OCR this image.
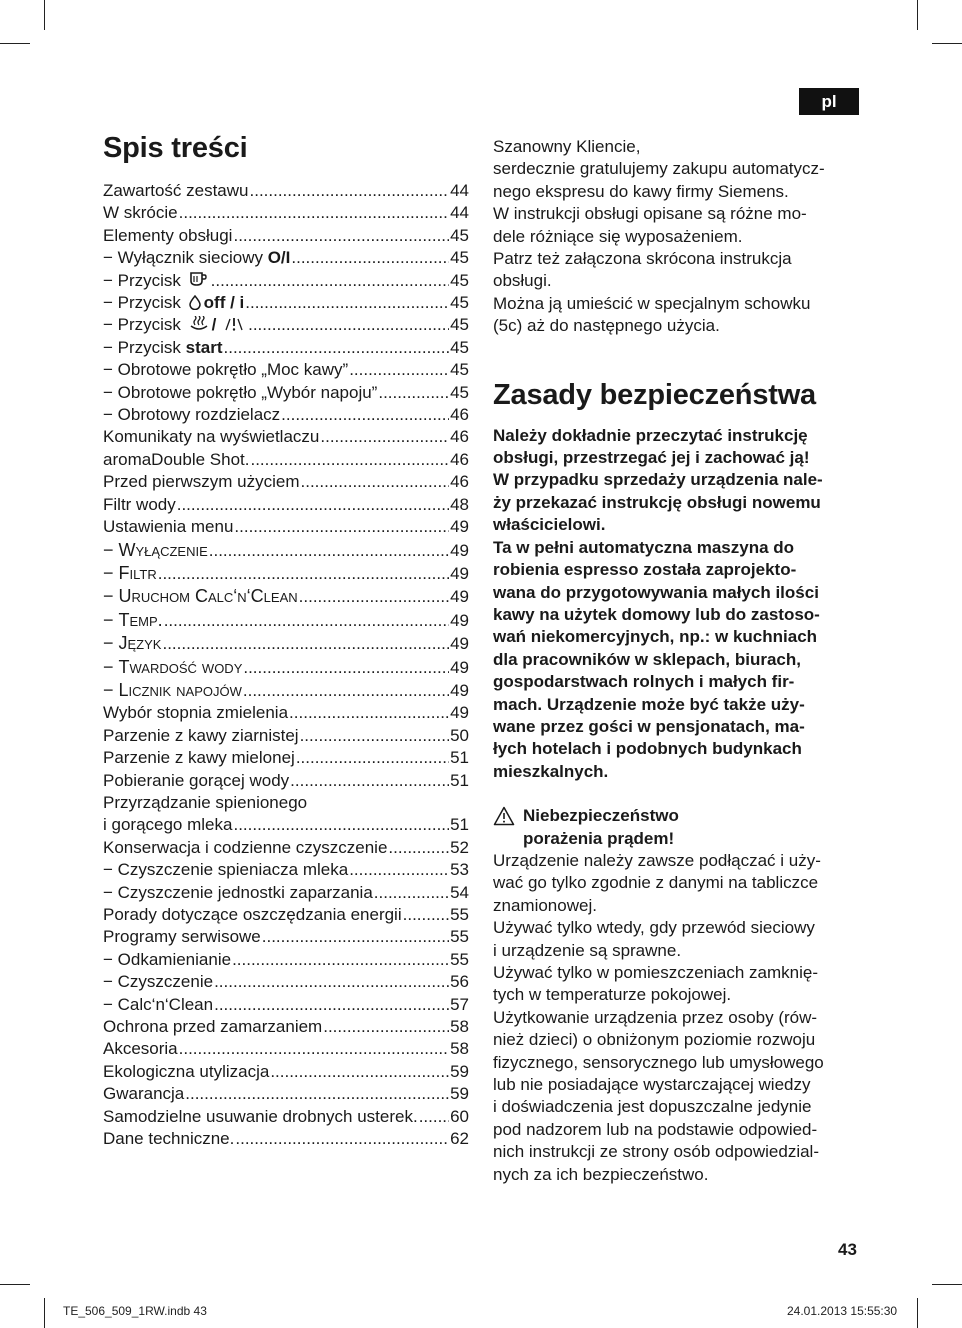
pl
Spis treści
Zawartość zestawu .....	44
W skrócie .....	44
Elementy obsługi .....	45
− Wyłącznik sieciowy O/I .....	45
− Przycisk .....	45
− Przycisk off / i .....	45
− Przycisk / .....	45
− Przycisk start .....	45
− Obrotowe pokrętło „Moc kawy” .....	45
− Obrotowe pokrętło „Wybór napoju” .....	45
− Obrotowy rozdzielacz .....	46
Komunikaty na wyświetlaczu .....	46
aromaDouble Shot. .....	46
Przed pierwszym użyciem .....	46
Filtr wody .....	48
Ustawienia menu .....	49
− Wyłączenie .....	49
− Filtr .....	49
− Uruchom Calc‘n‘Clean .....	49
− Temp. .....	49
− Język .....	49
− Twardość wody .....	49
− Licznik napojów .....	49
Wybór stopnia zmielenia .....	49
Parzenie z kawy ziarnistej .....	50
Parzenie z kawy mielonej .....	51
Pobieranie gorącej wody .....	51
Przyrządzanie spienionego
i gorącego mleka .....	51
Konserwacja i codzienne czyszczenie .....	52
− Czyszczenie spieniacza mleka .....	53
− Czyszczenie jednostki zaparzania .....	54
Porady dotyczące oszczędzania energii .....	55
Programy serwisowe .....	55
− Odkamienianie .....	55
− Czyszczenie .....	56
− Calc‘n‘Clean .....	57
Ochrona przed zamarzaniem .....	58
Akcesoria .....	58
Ekologiczna utylizacja .....	59
Gwarancja .....	59
Samodzielne usuwanie drobnych usterek. ..... 60
Dane techniczne. .....	62

Szanowny Kliencie,

serdecznie gratulujemy zakupu automatycz-

nego ekspresu do kawy firmy Siemens.

W instrukcji obsługi opisane są różne mo-

dele różniące się wyposażeniem.

Patrz też załączona skrócona instrukcja

obsługi.

Można ją umieścić w specjalnym schowku

(5c) aż do następnego użycia.

Zasady bezpieczeństwa

Należy dokładnie przeczytać instrukcję

obsługi, przestrzegać jej i zachować ją!

W przypadku sprzedaży urządzenia nale-

ży przekazać instrukcję obsługi nowemu

właścicielowi.

Ta w pełni automatyczna maszyna do

robienia espresso została zaprojekto-

wana do przygotowywania małych ilości

kawy na użytek domowy lub do zastoso-

wań niekomercyjnych, np.: w kuchniach

dla pracowników w sklepach, biurach,

gospodarstwach rolnych i małych fir-

mach. Urządzenie może być także uży-

wane przez gości w pensjonatach, ma-

łych hotelach i podobnych budynkach

mieszkalnych.

Niebezpieczeństwo
porażenia prądem!

Urządzenie należy zawsze podłączać i uży-

wać go tylko zgodnie z danymi na tabliczce

znamionowej.

Używać tylko wtedy, gdy przewód sieciowy

i urządzenie są sprawne.

Używać tylko w pomieszczeniach zamknię-

tych w temperaturze pokojowej.

Użytkowanie urządzenia przez osoby (rów-

nież dzieci) o obniżonym poziomie rozwoju

fizycznego, sensorycznego lub umysłowego

lub nie posiadające wystarczającej wiedzy

i doświadczenia jest dopuszczalne jedynie

pod nadzorem lub na podstawie odpowied-

nich instrukcji ze strony osób odpowiedzial-

nych za ich bezpieczeństwo.

43
TE_506_509_1RW.indb 43	24.01.2013 15:55:30
